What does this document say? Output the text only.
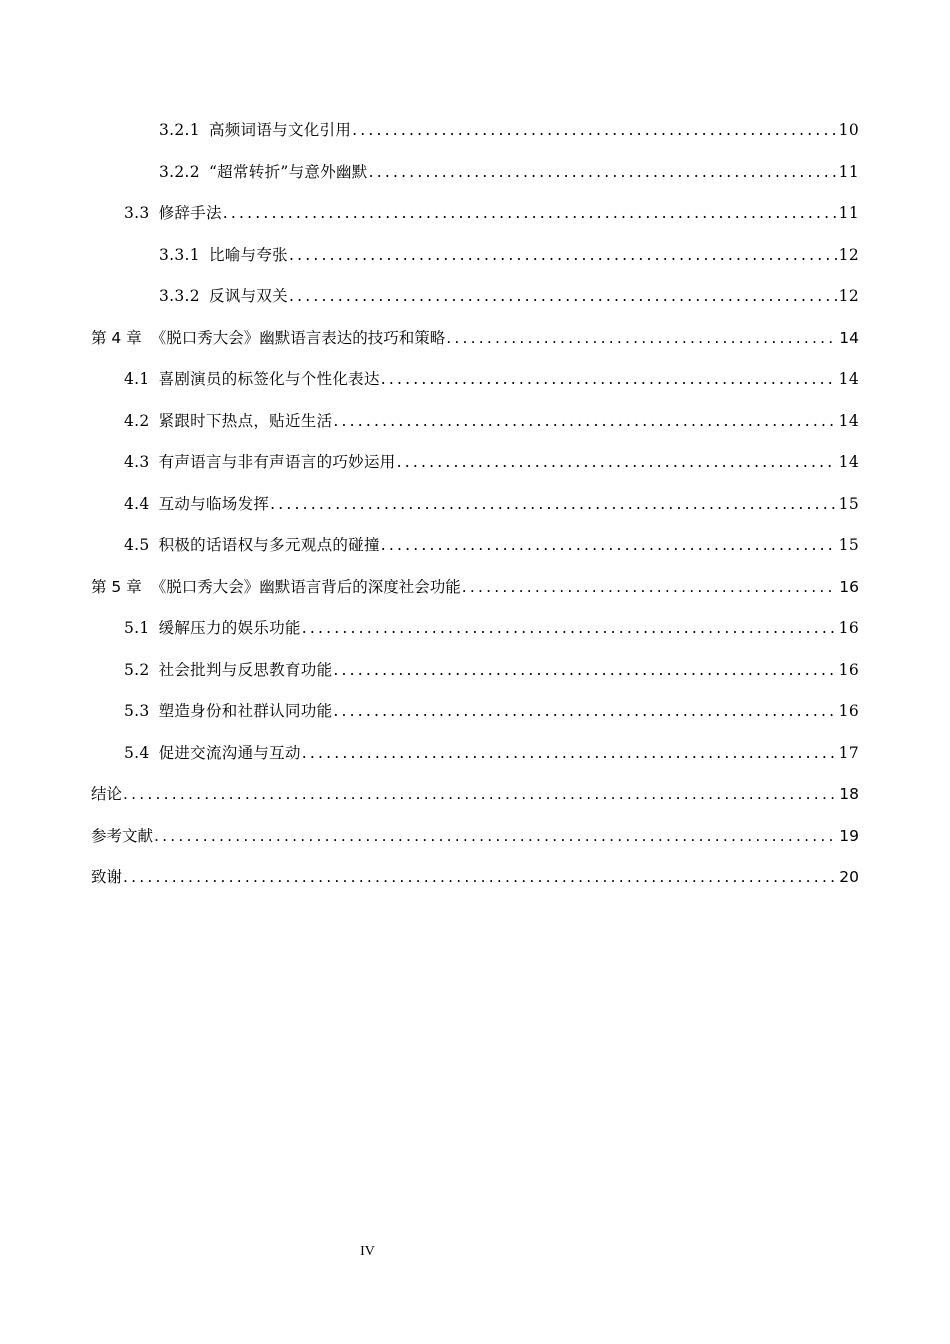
3.2.1 高频词语与文化引用 .....	10
3.2.2 “超常转折”与意外幽默 .....	11
3.3 修辞手法 .....	11
3.3.1 比喻与夸张 .....	12
3.3.2 反讽与双关 .....	12
第 4 章 《脱口秀大会》幽默语言表达的技巧和策略 .....	14
4.1 喜剧演员的标签化与个性化表达 .....	14
4.2 紧跟时下热点，贴近生活 .....	14
4.3 有声语言与非有声语言的巧妙运用 .....	14
4.4 互动与临场发挥 .....	15
4.5 积极的话语权与多元观点的碰撞 .....	15
第 5 章 《脱口秀大会》幽默语言背后的深度社会功能 .....	16
5.1 缓解压力的娱乐功能 .....	16
5.2 社会批判与反思教育功能 .....	16
5.3 塑造身份和社群认同功能 .....	16
5.4 促进交流沟通与互动 .....	17
结论 .....	18
参考文献 .....	19
致谢 .....	20
IV
